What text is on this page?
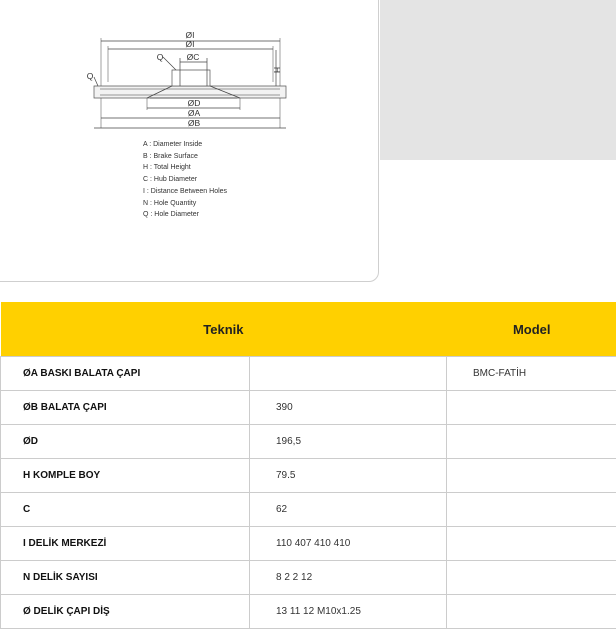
ØI
ØI
ØC
Q
H
ØD
ØA
ØB
Q
A : Diameter Inside
B : Brake Surface
H : Total Height
C : Hub Diameter
I : Distance Between Holes
N : Hole Quantity
Q : Hole Diameter
Teknik		Model
ØA BASKI BALATA ÇAPI		BMC-FATİH
ØB BALATA ÇAPI	390	
ØD	196,5	
H KOMPLE BOY	79.5	
C	62	
I DELİK MERKEZİ	110 407 410 410	
N DELİK SAYISI	8 2 2 12	
Ø DELİK ÇAPI DİŞ	13 11 12 M10x1.25	
